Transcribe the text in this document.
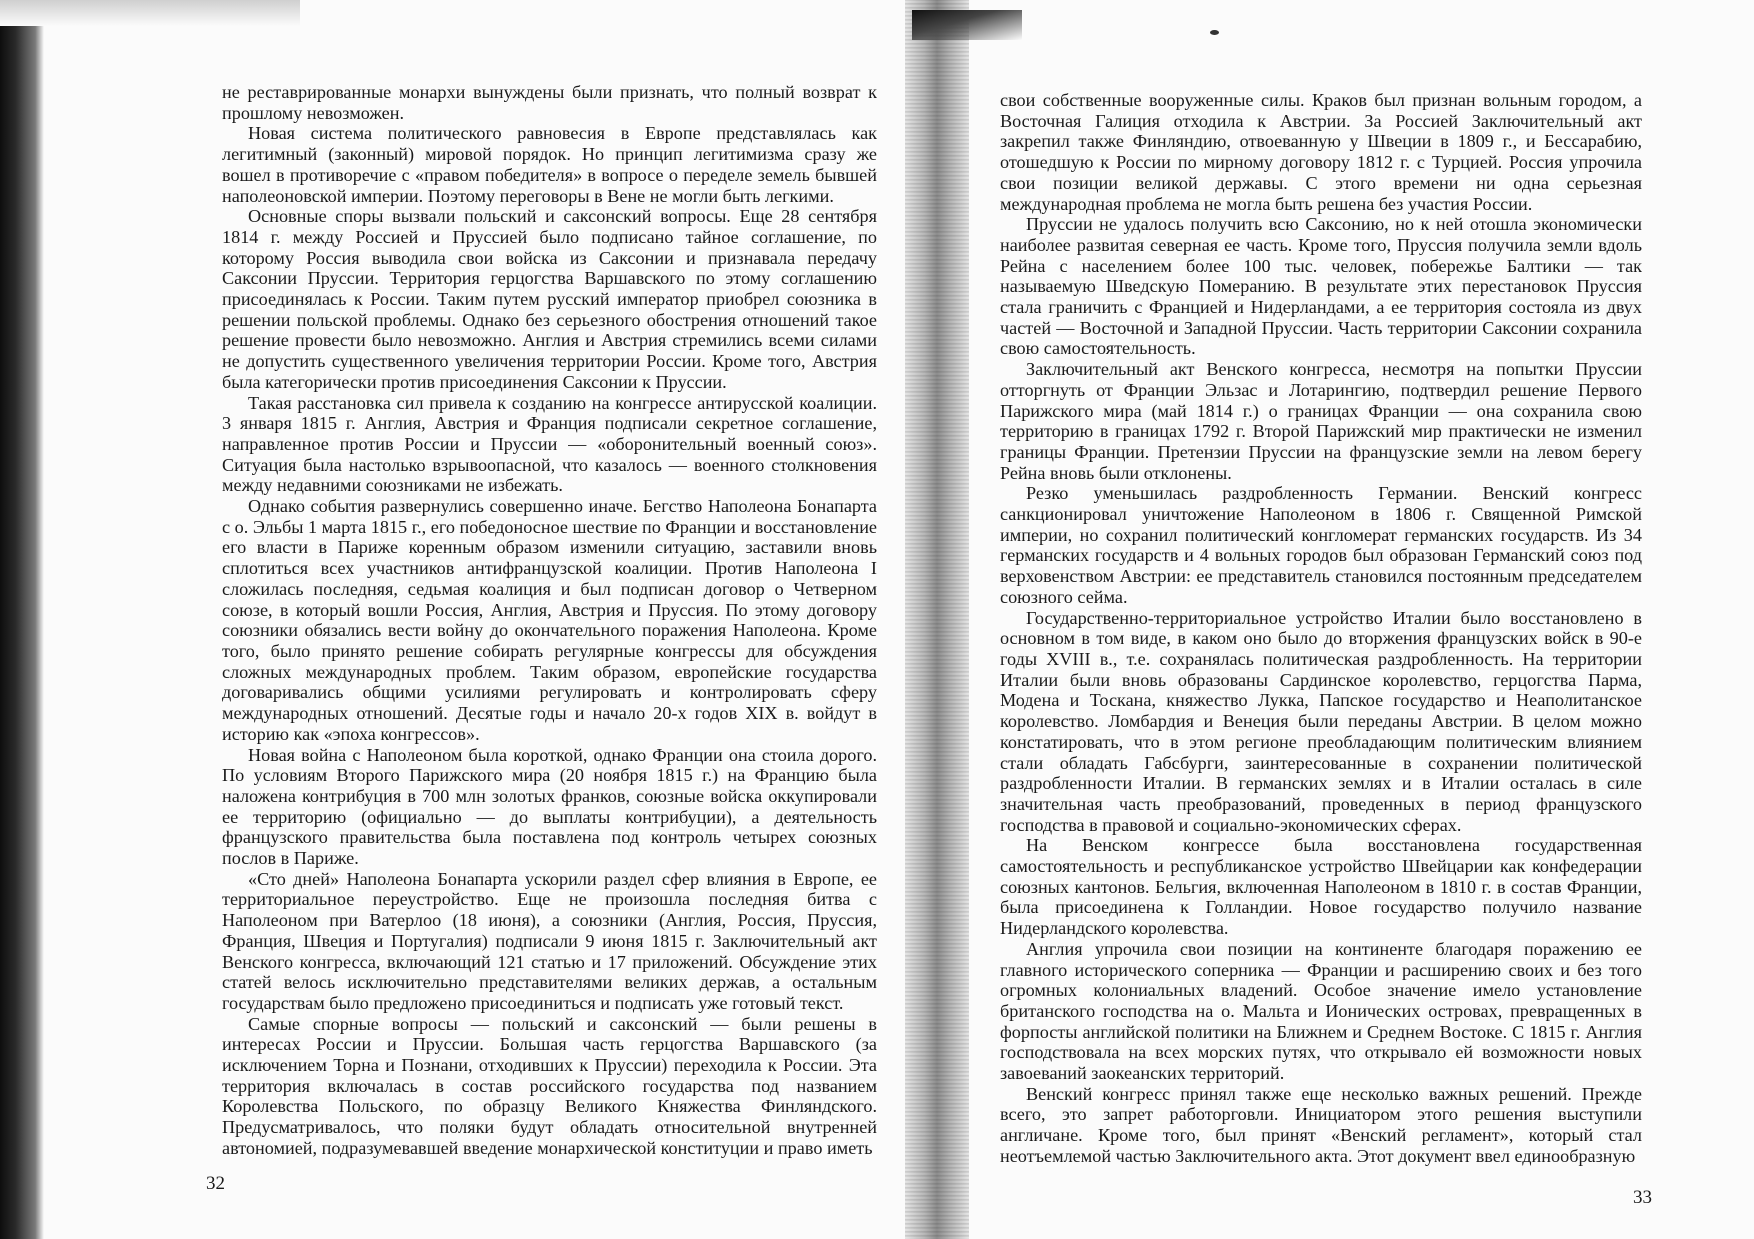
не реставрированные монархи вынуждены были признать, что полный возврат к прошлому невозможен.

Новая система политического равновесия в Европе представлялась как легитимный (законный) мировой порядок. Но принцип легитимизма сразу же вошел в противоречие с «правом победителя» в вопросе о переделе земель бывшей наполеоновской империи. Поэтому переговоры в Вене не могли быть легкими.

Основные споры вызвали польский и саксонский вопросы. Еще 28 сентября 1814 г. между Россией и Пруссией было подписано тайное соглашение, по которому Россия выводила свои войска из Саксонии и признавала передачу Саксонии Пруссии. Территория герцогства Варшавского по этому соглашению присоединялась к России. Таким путем русский император приобрел союзника в решении польской проблемы. Однако без серьезного обострения отношений такое решение провести было невозможно. Англия и Австрия стремились всеми силами не допустить существенного увеличения территории России. Кроме того, Австрия была категорически против присоединения Саксонии к Пруссии.

Такая расстановка сил привела к созданию на конгрессе антирусской коалиции. 3 января 1815 г. Англия, Австрия и Франция подписали секретное соглашение, направленное против России и Пруссии — «оборонительный военный союз». Ситуация была настолько взрывоопасной, что казалось — военного столкновения между недавними союзниками не избежать.

Однако события развернулись совершенно иначе. Бегство Наполеона Бонапарта с о. Эльбы 1 марта 1815 г., его победоносное шествие по Франции и восстановление его власти в Париже коренным образом изменили ситуацию, заставили вновь сплотиться всех участников антифранцузской коалиции. Против Наполеона I сложилась последняя, седьмая коалиция и был подписан договор о Четверном союзе, в который вошли Россия, Англия, Австрия и Пруссия. По этому договору союзники обязались вести войну до окончательного поражения Наполеона. Кроме того, было принято решение собирать регулярные конгрессы для обсуждения сложных международных проблем. Таким образом, европейские государства договаривались общими усилиями регулировать и контролировать сферу международных отношений. Десятые годы и начало 20-х годов XIX в. войдут в историю как «эпоха конгрессов».

Новая война с Наполеоном была короткой, однако Франции она стоила дорого. По условиям Второго Парижского мира (20 ноября 1815 г.) на Францию была наложена контрибуция в 700 млн золотых франков, союзные войска оккупировали ее территорию (официально — до выплаты контрибуции), а деятельность французского правительства была поставлена под контроль четырех союзных послов в Париже.

«Сто дней» Наполеона Бонапарта ускорили раздел сфер влияния в Европе, ее территориальное переустройство. Еще не произошла последняя битва с Наполеоном при Ватерлоо (18 июня), а союзники (Англия, Россия, Пруссия, Франция, Швеция и Португалия) подписали 9 июня 1815 г. Заключительный акт Венского конгресса, включающий 121 статью и 17 приложений. Обсуждение этих статей велось исключительно представителями великих держав, а остальным государствам было предложено присоединиться и подписать уже готовый текст.

Самые спорные вопросы — польский и саксонский — были решены в интересах России и Пруссии. Большая часть герцогства Варшавского (за исключением Торна и Познани, отходивших к Пруссии) переходила к России. Эта территория включалась в состав российского государства под названием Королевства Польского, по образцу Великого Княжества Финляндского. Предусматривалось, что поляки будут обладать относительной внутренней автономией, подразумевавшей введение монархической конституции и право иметь

32

свои собственные вооруженные силы. Краков был признан вольным городом, а Восточная Галиция отходила к Австрии. За Россией Заключительный акт закрепил также Финляндию, отвоеванную у Швеции в 1809 г., и Бессарабию, отошедшую к России по мирному договору 1812 г. с Турцией. Россия упрочила свои позиции великой державы. С этого времени ни одна серьезная международная проблема не могла быть решена без участия России.

Пруссии не удалось получить всю Саксонию, но к ней отошла экономически наиболее развитая северная ее часть. Кроме того, Пруссия получила земли вдоль Рейна с населением более 100 тыс. человек, побережье Балтики — так называемую Шведскую Померанию. В результате этих перестановок Пруссия стала граничить с Францией и Нидерландами, а ее территория состояла из двух частей — Восточной и Западной Пруссии. Часть территории Саксонии сохранила свою самостоятельность.

Заключительный акт Венского конгресса, несмотря на попытки Пруссии отторгнуть от Франции Эльзас и Лотарингию, подтвердил решение Первого Парижского мира (май 1814 г.) о границах Франции — она сохранила свою территорию в границах 1792 г. Второй Парижский мир практически не изменил границы Франции. Претензии Пруссии на французские земли на левом берегу Рейна вновь были отклонены.

Резко уменьшилась раздробленность Германии. Венский конгресс санкционировал уничтожение Наполеоном в 1806 г. Священной Римской империи, но сохранил политический конгломерат германских государств. Из 34 германских государств и 4 вольных городов был образован Германский союз под верховенством Австрии: ее представитель становился постоянным председателем союзного сейма.

Государственно-территориальное устройство Италии было восстановлено в основном в том виде, в каком оно было до вторжения французских войск в 90-е годы XVIII в., т.е. сохранялась политическая раздробленность. На территории Италии были вновь образованы Сардинское королевство, герцогства Парма, Модена и Тоскана, княжество Лукка, Папское государство и Неаполитанское королевство. Ломбардия и Венеция были переданы Австрии. В целом можно констатировать, что в этом регионе преобладающим политическим влиянием стали обладать Габсбурги, заинтересованные в сохранении политической раздробленности Италии. В германских землях и в Италии осталась в силе значительная часть преобразований, проведенных в период французского господства в правовой и социально-экономических сферах.

На Венском конгрессе была восстановлена государственная самостоятельность и республиканское устройство Швейцарии как конфедерации союзных кантонов. Бельгия, включенная Наполеоном в 1810 г. в состав Франции, была присоединена к Голландии. Новое государство получило название Нидерландского королевства.

Англия упрочила свои позиции на континенте благодаря поражению ее главного исторического соперника — Франции и расширению своих и без того огромных колониальных владений. Особое значение имело установление британского господства на о. Мальта и Ионических островах, превращенных в форпосты английской политики на Ближнем и Среднем Востоке. С 1815 г. Англия господствовала на всех морских путях, что открывало ей возможности новых завоеваний заокеанских территорий.

Венский конгресс принял также еще несколько важных решений. Прежде всего, это запрет работорговли. Инициатором этого решения выступили англичане. Кроме того, был принят «Венский регламент», который стал неотъемлемой частью Заключительного акта. Этот документ ввел единообразную

33
